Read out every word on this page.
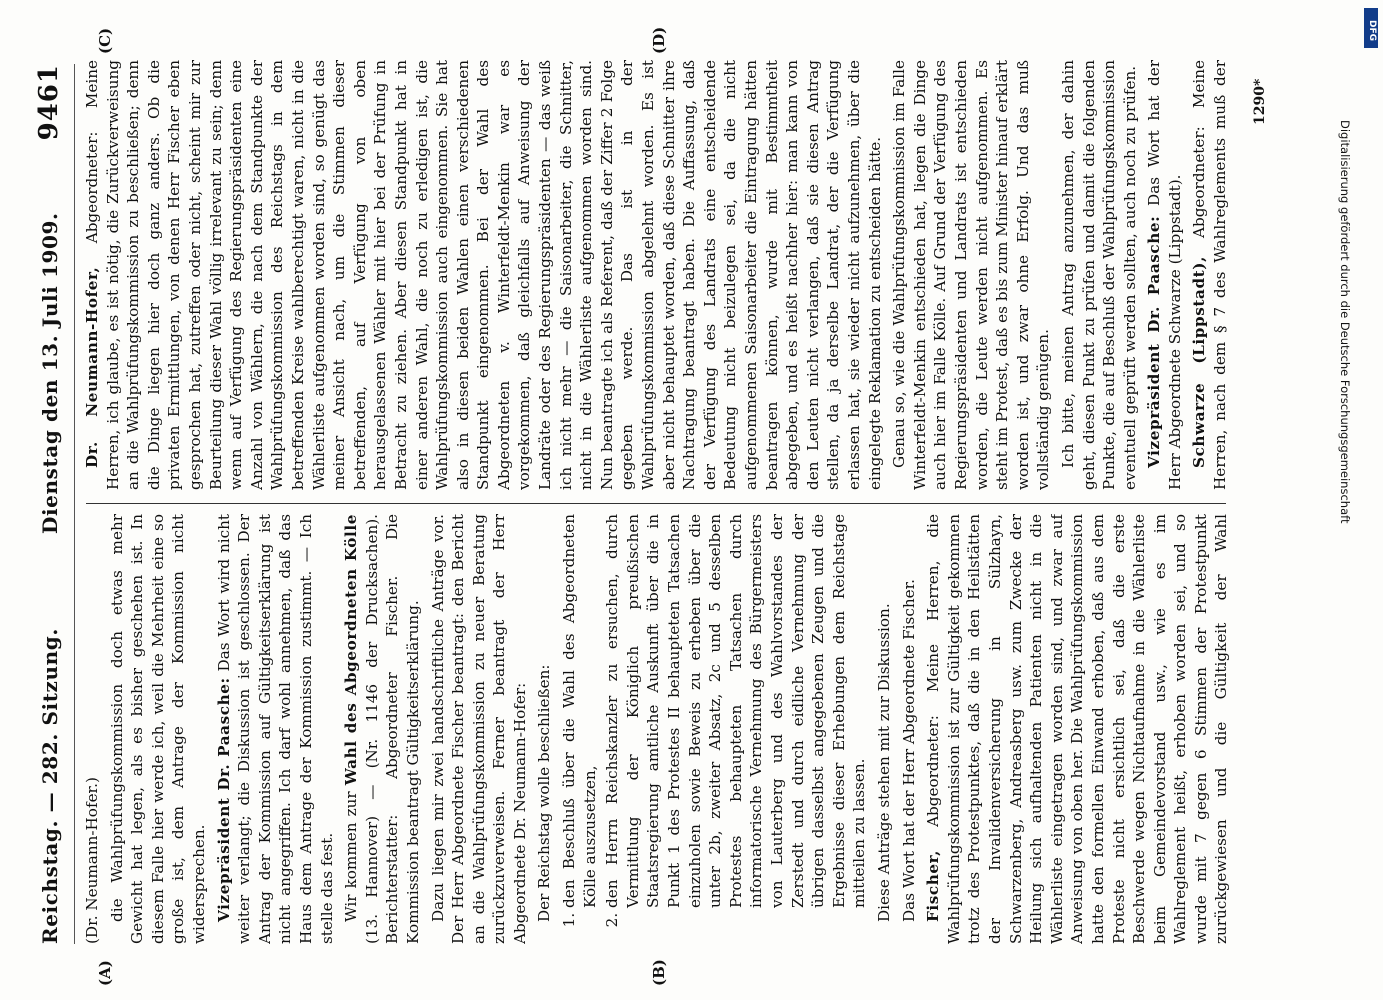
Reichstag. — 282. Sitzung.
Dienstag den 13. Juli 1909.
9461
(A)	(B)
(C)	(D)

(Dr. Neumann-Hofer.) die Wahlprüfungskommission doch etwas mehr Gewicht hat legen, als es bisher geschehen ist. In diesem Falle hier werde ich, weil die Mehrheit eine so große ist, dem Antrage der Kommission nicht widersprechen. Vizepräsident Dr. Paasche: Das Wort wird nicht weiter verlangt; die Diskussion ist geschlossen. Der Antrag der Kommission auf Gültigkeitserklärung ist nicht angegriffen. Ich darf wohl annehmen, daß das Haus dem Antrage der Kommission zustimmt. — Ich stelle das fest. Wir kommen zur Wahl des Abgeordneten Kölle (13. Hannover) — (Nr. 1146 der Drucksachen). Berichterstatter: Abgeordneter Fischer. Die Kommission beantragt Gültigkeitserklärung. Dazu liegen mir zwei handschriftliche Anträge vor. Der Herr Abgeordnete Fischer beantragt: den Bericht an die Wahlprüfungskommission zu neuer Beratung zurückzuverweisen. Ferner beantragt der Herr Abgeordnete Dr. Neumann-Hofer: Der Reichstag wolle beschließen: 1. den Beschluß über die Wahl des Abgeordneten Kölle auszusetzen, 2. den Herrn Reichskanzler zu ersuchen, durch Vermittlung der Königlich preußischen Staatsregierung amtliche Auskunft über die in Punkt 1 des Protestes II behaupteten Tatsachen einzuholen sowie Beweis zu erheben über die unter 2b, zweiter Absatz, 2c und 5 desselben Protestes behaupteten Tatsachen durch informatorische Vernehmung des Bürgermeisters von Lauterberg und des Wahlvorstandes der Zerstedt und durch eidliche Vernehmung der übrigen dasselbst angegebenen Zeugen und die Ergebnisse dieser Erhebungen dem Reichstage mitteilen zu lassen. Diese Anträge stehen mit zur Diskussion. Das Wort hat der Herr Abgeordnete Fischer. Fischer, Abgeordneter: Meine Herren, die Wahlprüfungskommission ist zur Gültigkeit gekommen trotz des Protestpunktes, daß die in den Heilstätten der Invalidenversicherung in Sülzhayn, Schwarzenberg, Andreasberg usw. zum Zwecke der Heilung sich aufhaltenden Patienten nicht in die Wählerliste eingetragen worden sind, und zwar auf Anweisung von oben her. Die Wahlprüfungskommission hatte den formellen Einwand erhoben, daß aus dem Proteste nicht ersichtlich sei, daß die erste Beschwerde wegen Nichtaufnahme in die Wählerliste beim Gemeindevorstand usw., wie es im Wahlreglement heißt, erhoben worden sei, und so wurde mit 7 gegen 6 Stimmen der Protestpunkt zurückgewiesen und die Gültigkeit der Wahl

Dr. Neumann-Hofer, Abgeordneter: Meine Herren, ich glaube, es ist nötig, die Zurückverweisung an die Wahlprüfungskommission zu beschließen; denn die Dinge liegen hier doch ganz anders. Ob die privaten Ermittlungen, von denen Herr Fischer eben gesprochen hat, zutreffen oder nicht, scheint mir zur Beurteilung dieser Wahl völlig irrelevant zu sein; denn wenn auf Verfügung des Regierungspräsidenten eine Anzahl von Wählern, die nach dem Standpunkte der Wahlprüfungskommission des Reichstags in dem betreffenden Kreise wahlberechtigt waren, nicht in die Wählerliste aufgenommen worden sind, so genügt das meiner Ansicht nach, um die Stimmen dieser betreffenden, auf Verfügung von oben herausgelassenen Wähler mit hier bei der Prüfung in Betracht zu ziehen. Aber diesen Standpunkt hat in einer anderen Wahl, die noch zu erledigen ist, die Wahlprüfungskommission auch eingenommen. Sie hat also in diesen beiden Wahlen einen verschiedenen Standpunkt eingenommen. Bei der Wahl des Abgeordneten v. Winterfeldt-Menkin war es vorgekommen, daß gleichfalls auf Anweisung der Landräte oder des Regierungspräsidenten — das weiß ich nicht mehr — die Saisonarbeiter, die Schnitter, nicht in die Wählerliste aufgenommen worden sind. Nun beantragte ich als Referent, daß der Ziffer 2 Folge gegeben werde. Das ist in der Wahlprüfungskommission abgelehnt worden. Es ist aber nicht behauptet worden, daß diese Schnitter ihre Nachtragung beantragt haben. Die Auffassung, daß der Verfügung des Landrats eine entscheidende Bedeutung nicht beizulegen sei, da die nicht aufgenommenen Saisonarbeiter die Eintragung hätten beantragen können, wurde mit Bestimmtheit abgegeben, und es heißt nachher hier: man kann von den Leuten nicht verlangen, daß sie diesen Antrag stellen, da ja derselbe Landrat, der die Verfügung erlassen hat, sie wieder nicht aufzunehmen, über die eingelegte Reklamation zu entscheiden hätte. Genau so, wie die Wahlprüfungskommission im Falle Winterfeldt-Menkin entschieden hat, liegen die Dinge auch hier im Falle Kölle. Auf Grund der Verfügung des Regierungspräsidenten und Landrats ist entschieden worden, die Leute werden nicht aufgenommen. Es steht im Protest, daß es bis zum Minister hinauf erklärt worden ist, und zwar ohne Erfolg. Und das muß vollständig genügen. Ich bitte, meinen Antrag anzunehmen, der dahin geht, diesen Punkt zu prüfen und damit die folgenden Punkte, die auf Beschluß der Wahlprüfungskommission eventuell geprüft werden sollten, auch noch zu prüfen. Vizepräsident Dr. Paasche: Das Wort hat der Herr Abgeordnete Schwarze (Lippstadt). Schwarze (Lippstadt), Abgeordneter: Meine Herren, nach dem § 7 des Wahlreglements muß der

1290*
Digitalisierung gefördert durch die Deutsche Forschungsgemeinschaft
DFG
